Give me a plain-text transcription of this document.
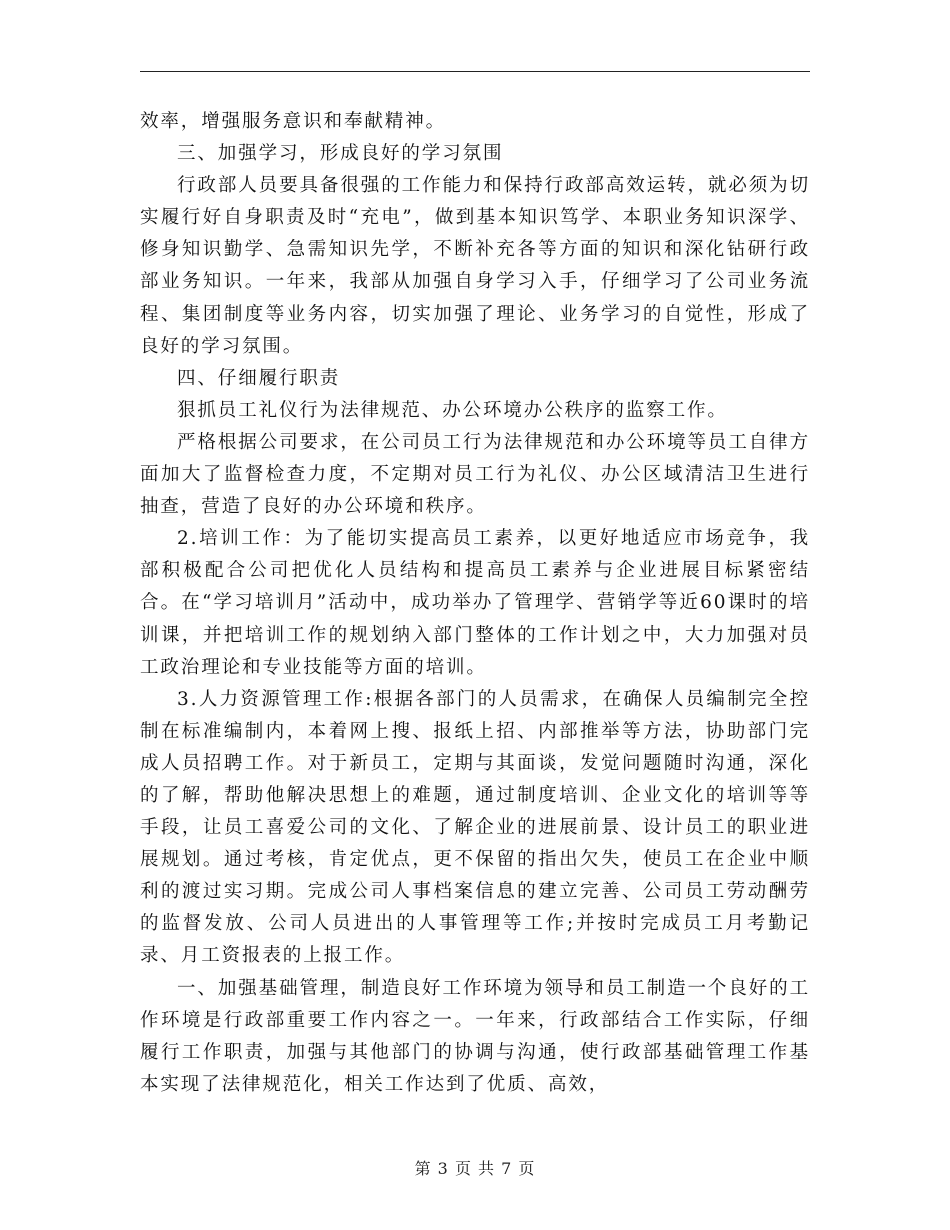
效率，增强服务意识和奉献精神。

三、加强学习，形成良好的学习氛围

行政部人员要具备很强的工作能力和保持行政部高效运转，就必须为切实履行好自身职责及时“充电”，做到基本知识笃学、本职业务知识深学、修身知识勤学、急需知识先学，不断补充各等方面的知识和深化钻研行政部业务知识。一年来，我部从加强自身学习入手，仔细学习了公司业务流程、集团制度等业务内容，切实加强了理论、业务学习的自觉性，形成了良好的学习氛围。

四、仔细履行职责

狠抓员工礼仪行为法律规范、办公环境办公秩序的监察工作。

严格根据公司要求，在公司员工行为法律规范和办公环境等员工自律方面加大了监督检查力度，不定期对员工行为礼仪、办公区域清洁卫生进行抽查，营造了良好的办公环境和秩序。

2.培训工作：为了能切实提高员工素养，以更好地适应市场竞争，我部积极配合公司把优化人员结构和提高员工素养与企业进展目标紧密结合。在“学习培训月”活动中，成功举办了管理学、营销学等近60课时的培训课，并把培训工作的规划纳入部门整体的工作计划之中，大力加强对员工政治理论和专业技能等方面的培训。

3.人力资源管理工作:根据各部门的人员需求，在确保人员编制完全控制在标准编制内，本着网上搜、报纸上招、内部推举等方法，协助部门完成人员招聘工作。对于新员工，定期与其面谈，发觉问题随时沟通，深化的了解，帮助他解决思想上的难题，通过制度培训、企业文化的培训等等手段，让员工喜爱公司的文化、了解企业的进展前景、设计员工的职业进展规划。通过考核，肯定优点，更不保留的指出欠失，使员工在企业中顺利的渡过实习期。完成公司人事档案信息的建立完善、公司员工劳动酬劳的监督发放、公司人员进出的人事管理等工作;并按时完成员工月考勤记录、月工资报表的上报工作。

一、加强基础管理，制造良好工作环境为领导和员工制造一个良好的工作环境是行政部重要工作内容之一。一年来，行政部结合工作实际，仔细履行工作职责，加强与其他部门的协调与沟通，使行政部基础管理工作基本实现了法律规范化，相关工作达到了优质、高效，

第 3 页 共 7 页
